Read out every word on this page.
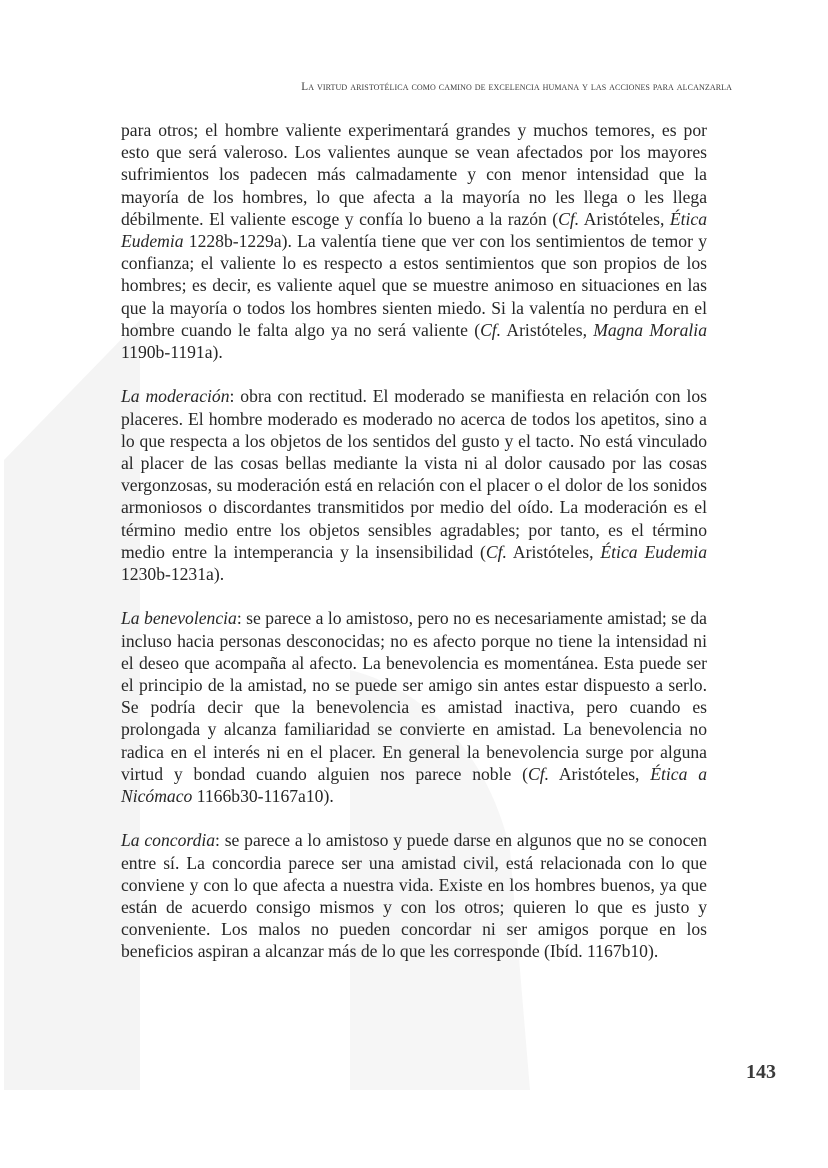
La virtud aristotélica como camino de excelencia humana y las acciones para alcanzarla

para otros; el hombre valiente experimentará grandes y muchos temores, es por esto que será valeroso. Los valientes aunque se vean afectados por los mayores sufrimientos los padecen más calmadamente y con menor intensidad que la mayoría de los hombres, lo que afecta a la mayoría no les llega o les llega débilmente. El valiente escoge y confía lo bueno a la razón (Cf. Aristóteles, Ética Eudemia 1228b-1229a). La valentía tiene que ver con los sentimientos de temor y confianza; el valiente lo es respecto a estos sentimientos que son propios de los hombres; es decir, es valiente aquel que se muestre animoso en situaciones en las que la mayoría o todos los hombres sienten miedo. Si la valentía no perdura en el hombre cuando le falta algo ya no será valiente (Cf. Aristóteles, Magna Moralia 1190b-1191a).

La moderación: obra con rectitud. El moderado se manifiesta en relación con los placeres. El hombre moderado es moderado no acerca de todos los apetitos, sino a lo que respecta a los objetos de los sentidos del gusto y el tacto. No está vinculado al placer de las cosas bellas mediante la vista ni al dolor causado por las cosas vergonzosas, su moderación está en relación con el placer o el dolor de los sonidos armoniosos o discordantes transmitidos por medio del oído. La moderación es el término medio entre los objetos sensibles agradables; por tanto, es el término medio entre la intemperancia y la insensibilidad (Cf. Aristóteles, Ética Eudemia 1230b-1231a).

La benevolencia: se parece a lo amistoso, pero no es necesariamente amistad; se da incluso hacia personas desconocidas; no es afecto porque no tiene la intensidad ni el deseo que acompaña al afecto. La benevolencia es momentánea. Esta puede ser el principio de la amistad, no se puede ser amigo sin antes estar dispuesto a serlo. Se podría decir que la benevolencia es amistad inactiva, pero cuando es prolongada y alcanza familiaridad se convierte en amistad. La benevolencia no radica en el interés ni en el placer. En general la benevolencia surge por alguna virtud y bondad cuando alguien nos parece noble (Cf. Aristóteles, Ética a Nicómaco 1166b30-1167a10).

La concordia: se parece a lo amistoso y puede darse en algunos que no se conocen entre sí. La concordia parece ser una amistad civil, está relacionada con lo que conviene y con lo que afecta a nuestra vida. Existe en los hombres buenos, ya que están de acuerdo consigo mismos y con los otros; quieren lo que es justo y conveniente. Los malos no pueden concordar ni ser amigos porque en los beneficios aspiran a alcanzar más de lo que les corresponde (Ibíd. 1167b10).

143
